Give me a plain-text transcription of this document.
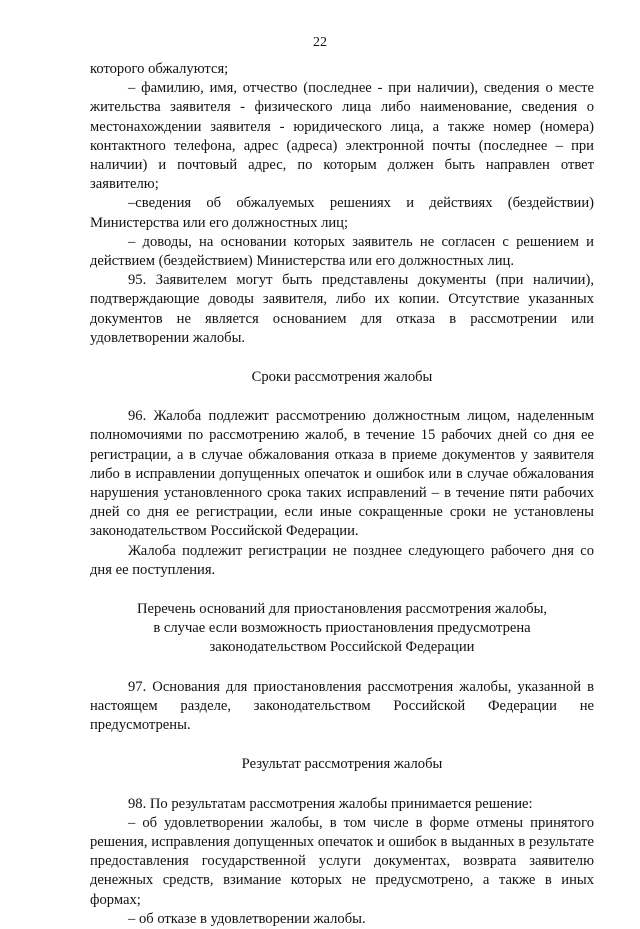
22

которого обжалуются;

– фамилию, имя, отчество (последнее - при наличии), сведения о месте жительства заявителя - физического лица либо наименование, сведения о местонахождении заявителя - юридического лица, а также номер (номера) контактного телефона, адрес (адреса) электронной почты (последнее – при наличии) и почтовый адрес, по которым должен быть направлен ответ заявителю;

–сведения об обжалуемых решениях и действиях (бездействии) Министерства или его должностных лиц;

– доводы, на основании которых заявитель не согласен с решением и действием (бездействием) Министерства или его должностных лиц.

95. Заявителем могут быть представлены документы (при наличии), подтверждающие доводы заявителя, либо их копии. Отсутствие указанных документов не является основанием для отказа в рассмотрении или удовлетворении жалобы.

Сроки рассмотрения жалобы

96. Жалоба подлежит рассмотрению должностным лицом, наделенным полномочиями по рассмотрению жалоб, в течение 15 рабочих дней со дня ее регистрации, а в случае обжалования отказа в приеме документов у заявителя либо в исправлении допущенных опечаток и ошибок или в случае обжалования нарушения установленного срока таких исправлений – в течение пяти рабочих дней со дня ее регистрации, если иные сокращенные сроки не установлены законодательством Российской Федерации.

Жалоба подлежит регистрации не позднее следующего рабочего дня со дня ее поступления.

Перечень оснований для приостановления рассмотрения жалобы,
в случае если возможность приостановления предусмотрена
законодательством Российской Федерации

97. Основания для приостановления рассмотрения жалобы, указанной в настоящем разделе, законодательством Российской Федерации не предусмотрены.

Результат рассмотрения жалобы

98. По результатам рассмотрения жалобы принимается решение:

– об удовлетворении жалобы, в том числе в форме отмены принятого решения, исправления допущенных опечаток и ошибок в выданных в результате предоставления государственной услуги документах, возврата заявителю денежных средств, взимание которых не предусмотрено, а также в иных формах;

– об отказе в удовлетворении жалобы.
